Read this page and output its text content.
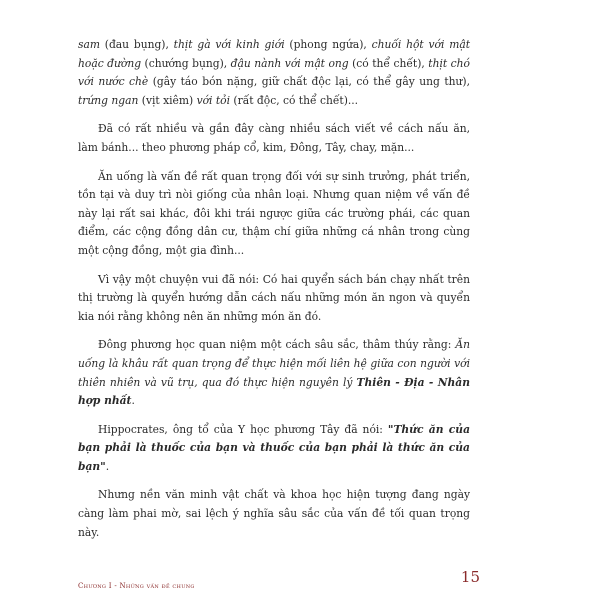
sam (đau bụng), thịt gà với kinh giới (phong ngứa), chuối hột với mật hoặc đường (chướng bụng), đậu nành với mật ong (có thể chết), thịt chó với nước chè (gây táo bón nặng, giữ chất độc lại, có thể gây ung thư), trứng ngan (vịt xiêm) với tỏi (rất độc, có thể chết)...

Đã có rất nhiều và gần đây càng nhiều sách viết về cách nấu ăn, làm bánh... theo phương pháp cổ, kim, Đông, Tây, chay, mặn...

Ăn uống là vấn đề rất quan trọng đối với sự sinh trưởng, phát triển, tồn tại và duy trì nòi giống của nhân loại. Nhưng quan niệm về vấn đề này lại rất sai khác, đôi khi trái ngược giữa các trường phái, các quan điểm, các cộng đồng dân cư, thậm chí giữa những cá nhân trong cùng một cộng đồng, một gia đình...

Vì vậy một chuyện vui đã nói: Có hai quyển sách bán chạy nhất trên thị trường là quyển hướng dẫn cách nấu những món ăn ngon và quyển kia nói rằng không nên ăn những món ăn đó.

Đông phương học quan niệm một cách sâu sắc, thâm thúy rằng: Ăn uống là khâu rất quan trọng để thực hiện mối liên hệ giữa con người với thiên nhiên và vũ trụ, qua đó thực hiện nguyên lý Thiên - Địa - Nhân hợp nhất.

Hippocrates, ông tổ của Y học phương Tây đã nói: "Thức ăn của bạn phải là thuốc của bạn và thuốc của bạn phải là thức ăn của bạn".

Nhưng nền văn minh vật chất và khoa học hiện tượng đang ngày càng làm phai mờ, sai lệch ý nghĩa sâu sắc của vấn đề tối quan trọng này.

Chương I - Những vấn đề chung	15
